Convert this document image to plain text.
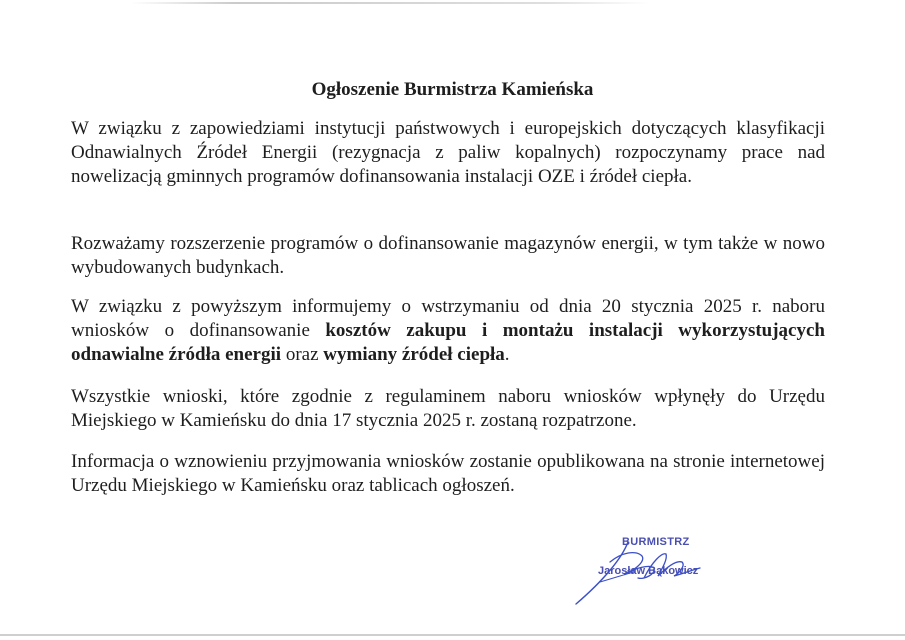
Ogłoszenie Burmistrza Kamieńska
W związku z zapowiedziami instytucji państwowych i europejskich dotyczących klasyfikacji Odnawialnych Źródeł Energii (rezygnacja z paliw kopalnych) rozpoczynamy prace nad nowelizacją gminnych programów dofinansowania instalacji OZE i źródeł ciepła.
Rozważamy rozszerzenie programów o dofinansowanie magazynów energii, w tym także w nowo wybudowanych budynkach.
W związku z powyższym informujemy o wstrzymaniu od dnia 20 stycznia 2025 r. naboru wniosków o dofinansowanie kosztów zakupu i montażu instalacji wykorzystujących odnawialne źródła energii oraz wymiany źródeł ciepła.
Wszystkie wnioski, które zgodnie z regulaminem naboru wniosków wpłynęły do Urzędu Miejskiego w Kamieńsku do dnia 17 stycznia 2025 r. zostaną rozpatrzone.
Informacja o wznowieniu przyjmowania wniosków zostanie opublikowana na stronie internetowej Urzędu Miejskiego w Kamieńsku oraz tablicach ogłoszeń.
BURMISTRZ
Jarosław Bąkowicz
